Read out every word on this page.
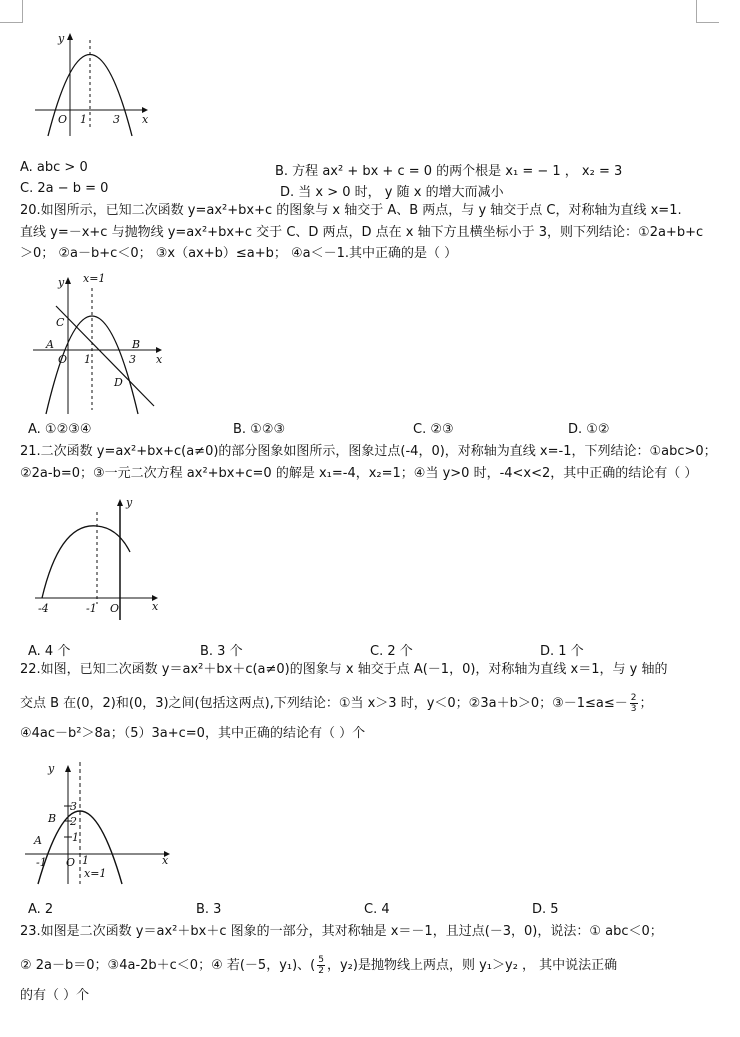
y
O 1 3 x
A. abc > 0	B. 方程 ax² + bx + c = 0 的两个根是 x₁ = − 1 ， x₂ = 3
C. 2a − b = 0	D. 当 x > 0 时， y 随 x 的增大而减小
20.如图所示，已知二次函数 y=ax²+bx+c 的图象与 x 轴交于 A、B 两点，与 y 轴交于点 C，对称轴为直线 x=1.
直线 y=－x+c 与抛物线 y=ax²+bx+c 交于 C、D 两点，D 点在 x 轴下方且横坐标小于 3，则下列结论：①2a+b+c
＞0； ②a－b+c＜0； ③x（ax+b）≤a+b； ④a＜－1.其中正确的是（ ）
y x=1
C
A
O 1	3
B
x
D
A. ①②③④	B. ①②③	C. ②③	D. ①②
21.二次函数 y=ax²+bx+c(a≠0)的部分图象如图所示，图象过点(-4，0)，对称轴为直线 x=-1，下列结论：①abc>0；
②2a-b=0；③一元二次方程 ax²+bx+c=0 的解是 x₁=-4，x₂=1；④当 y>0 时，-4<x<2，其中正确的结论有（ ）
y
-4	-1 O	x
A. 4 个	B. 3 个	C. 2 个	D. 1 个
22.如图，已知二次函数 y＝ax²＋bx＋c(a≠0)的图象与 x 轴交于点 A(－1，0)，对称轴为直线 x＝1，与 y 轴的
交点 B 在(0，2)和(0，3)之间(包括这两点),下列结论：①当 x＞3 时，y＜0；②3a＋b＞0；③－1≤a≤－ $\frac{2}{3}$ ；
④4ac－b²＞8a；（5）3a+c=0，其中正确的结论有（ ）个
y
3
2
B
1
A
-1 O 1
x=1
x
A. 2	B. 3	C. 4	D. 5
23.如图是二次函数 y＝ax²＋bx＋c 图象的一部分，其对称轴是 x＝－1，且过点(－3，0)，说法：① abc＜0；
② 2a－b＝0；③4a-2b＋c＜0；④ 若(－5，y₁)、( $\frac{5}{2}$ ，y₂)是抛物线上两点，则 y₁＞y₂ ， 其中说法正确
的有（ ）个
